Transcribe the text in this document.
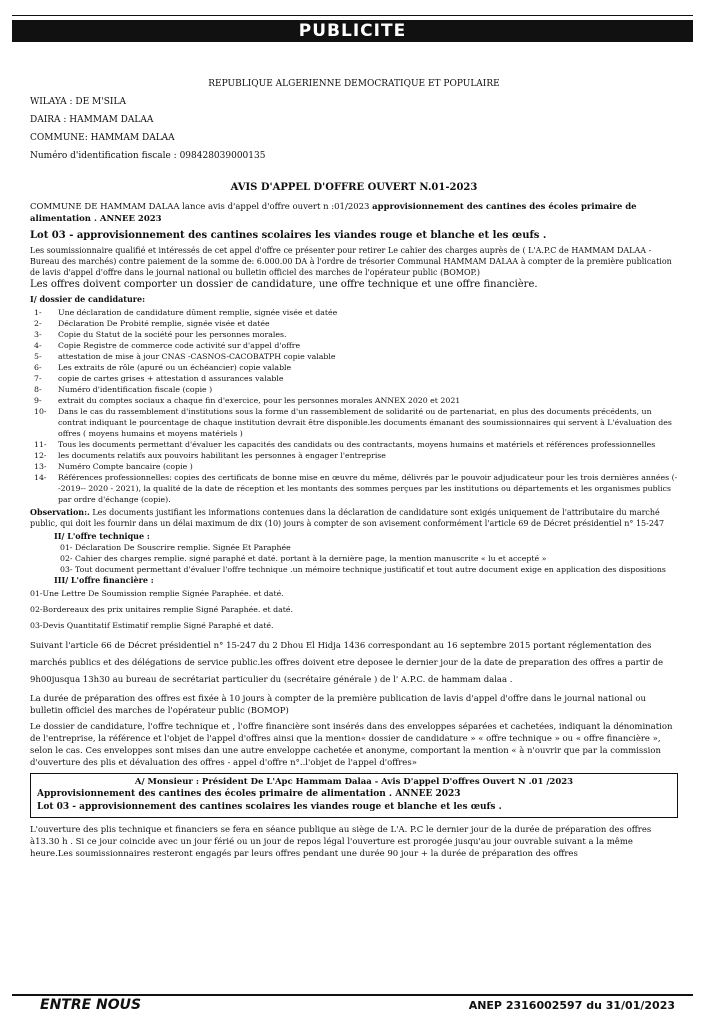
PUBLICITE
REPUBLIQUE ALGERIENNE DEMOCRATIQUE ET POPULAIRE
WILAYA : DE M'SILA
DAIRA : HAMMAM DALAA
COMMUNE: HAMMAM DALAA
Numéro d'identification fiscale : 098428039000135
AVIS D'APPEL D'OFFRE OUVERT N.01-2023
COMMUNE DE HAMMAM DALAA lance avis d'appel d'offre ouvert n :01/2023 approvisionnement des cantines des écoles primaire de alimentation . ANNEE 2023
Lot 03 - approvisionnement des cantines scolaires les viandes rouge et blanche et les œufs .
Les soumissionnaire qualifié et intéressés de cet appel d'offre ce présenter pour retirer Le cahier des charges auprès de ( L'A.P.C de HAMMAM DALAA - Bureau des marchés) contre paiement de la somme de: 6.000.00 DA à l'ordre de trésorier Communal HAMMAM DALAA à compter de la première publication de lavis d'appel d'offre dans le journal national ou bulletin officiel des marches de l'opérateur public (BOMOP.)
Les offres doivent comporter un dossier de candidature, une offre technique et une offre financière.
I/ dossier de candidature:
1-	Une déclaration de candidature dûment remplie, signée visée et datée
2-	Déclaration De Probité remplie, signée visée et datée
3-	Copie du Statut de la société pour les personnes morales.
4-	Copie Registre de commerce code activité sur d'appel d'offre
5-	attestation de mise à jour CNAS -CASNOS-CACOBATPH copie valable
6-	Les extraits de rôle (apuré ou un échéancier) copie valable
7-	copie de cartes grises + attestation d assurances valable
8-	Numéro d'identification fiscale (copie )
9-	extrait du comptes sociaux a chaque fin d'exercice, pour les personnes morales ANNEX 2020 et 2021
10-	Dans le cas du rassemblement d'institutions sous la forme d'un rassemblement de solidarité ou de partenariat, en plus des documents précédents, un contrat indiquant le pourcentage de chaque institution devrait être disponible.les documents émanant des soumissionnaires qui servent à L'évaluation des offres ( moyens humains et moyens matériels )
11-	Tous les documents permettant d'évaluer les capacités des candidats ou des contractants, moyens humains et matériels et références professionnelles
12-	les documents relatifs aux pouvoirs habilitant les personnes à engager l'entreprise
13-	Numéro Compte bancaire (copie )
14-	Références professionnelles: copies des certificats de bonne mise en œuvre du même, délivrés par le pouvoir adjudicateur pour les trois dernières années (--2019-- 2020 - 2021), la qualité de la date de réception et les montants des sommes perçues par les institutions ou départements et les organismes publics par ordre d'échange (copie).
Observation:. Les documents justifiant les informations contenues dans la déclaration de candidature sont exigés uniquement de l'attributaire du marché public, qui doit les fournir dans un délai maximum de dix (10) jours à compter de son avisement conformément l'article 69 de Décret présidentiel n° 15-247
II/ L'offre technique :
01- Déclaration De Souscrire remplie. Signée Et Paraphée
02- Cahier des charges remplie. signé paraphé et daté. portant à la dernière page, la mention manuscrite « lu et accepté »
03- Tout document permettant d'évaluer l'offre technique .un mémoire technique justificatif et tout autre document exige en application des dispositions
III/ L'offre financière :
01-Une Lettre De Soumission remplie Signée Paraphée. et daté.
02-Bordereaux des prix unitaires remplie Signé Paraphée. et daté.
03-Devis Quantitatif Estimatif remplie Signé Paraphé et daté.
Suivant l'article 66 de Décret présidentiel n° 15-247 du 2 Dhou El Hidja 1436 correspondant au 16 septembre 2015 portant réglementation des marchés publics et des délégations de service public.les offres doivent etre deposee le dernier jour de la date de preparation des offres a partir de 9h00jusqua 13h30 au bureau de secrétariat particulier du (secrétaire générale ) de l' A.P.C. de hammam dalaa .
La durée de préparation des offres est fixée à 10 jours à compter de la première publication de lavis d'appel d'offre dans le journal national ou bulletin officiel des marches de l'opérateur public (BOMOP)
Le dossier de candidature, l'offre technique et , l'offre financière sont insérés dans des enveloppes séparées et cachetées, indiquant la dénomination de l'entreprise, la référence et l'objet de l'appel d'offres ainsi que la mention« dossier de candidature » « offre technique » ou « offre financière », selon le cas. Ces enveloppes sont mises dan une autre enveloppe cachetée et anonyme, comportant la mention « à n'ouvrir que par la commission d'ouverture des plis et dévaluation des offres - appel d'offre n°..l'objet de l'appel d'offres»
A/ Monsieur : Président De L'Apc Hammam Dalaa - Avis D'appel D'offres Ouvert N .01 /2023
Approvisionnement des cantines des écoles primaire de alimentation . ANNEE 2023
Lot 03 - approvisionnement des cantines scolaires les viandes rouge et blanche et les œufs .
L'ouverture des plis technique et financiers se fera en séance publique au siège de L'A. P.C le dernier jour de la durée de préparation des offres à13.30 h . Si ce jour coincide avec un jour férié ou un jour de repos légal l'ouverture est prorogée jusqu'au jour ouvrable suivant a la même heure.Les soumissionnaires resteront engagés par leurs offres pendant une durée 90 jour + la durée de préparation des offres
ENTRE NOUS	ANEP 2316002597 du 31/01/2023
